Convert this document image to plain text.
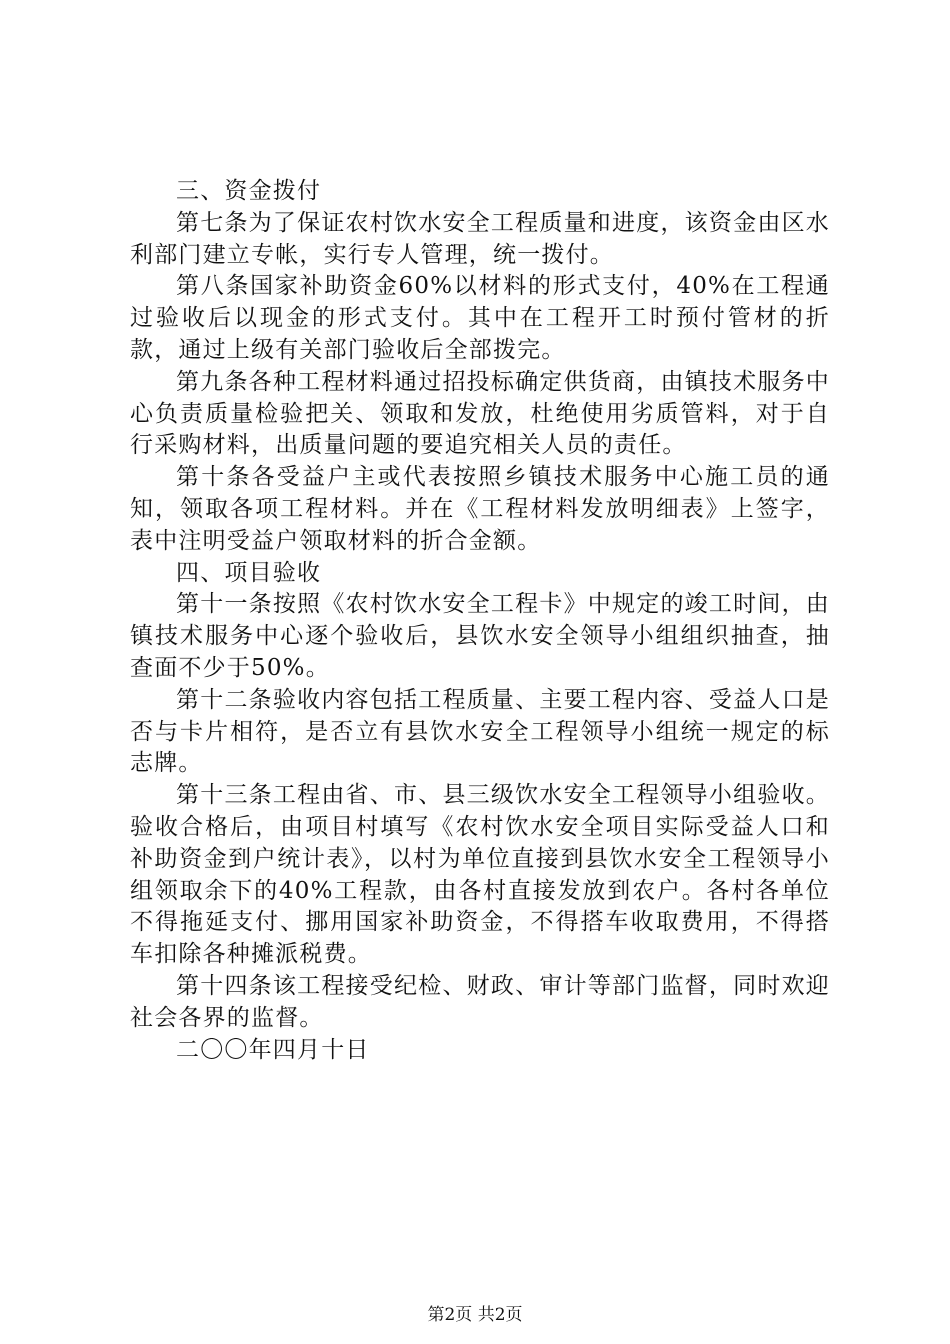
三、资金拨付

第七条为了保证农村饮水安全工程质量和进度，该资金由区水利部门建立专帐，实行专人管理，统一拨付。

第八条国家补助资金60%以材料的形式支付，40%在工程通过验收后以现金的形式支付。其中在工程开工时预付管材的折款，通过上级有关部门验收后全部拨完。

第九条各种工程材料通过招投标确定供货商，由镇技术服务中心负责质量检验把关、领取和发放，杜绝使用劣质管料，对于自行采购材料，出质量问题的要追究相关人员的责任。

第十条各受益户主或代表按照乡镇技术服务中心施工员的通知，领取各项工程材料。并在《工程材料发放明细表》上签字，表中注明受益户领取材料的折合金额。

四、项目验收

第十一条按照《农村饮水安全工程卡》中规定的竣工时间，由镇技术服务中心逐个验收后，县饮水安全领导小组组织抽查，抽查面不少于50%。

第十二条验收内容包括工程质量、主要工程内容、受益人口是否与卡片相符，是否立有县饮水安全工程领导小组统一规定的标志牌。

第十三条工程由省、市、县三级饮水安全工程领导小组验收。验收合格后，由项目村填写《农村饮水安全项目实际受益人口和补助资金到户统计表》，以村为单位直接到县饮水安全工程领导小组领取余下的40%工程款，由各村直接发放到农户。各村各单位不得拖延支付、挪用国家补助资金，不得搭车收取费用，不得搭车扣除各种摊派税费。

第十四条该工程接受纪检、财政、审计等部门监督，同时欢迎社会各界的监督。

二〇〇年四月十日

第2页 共2页
